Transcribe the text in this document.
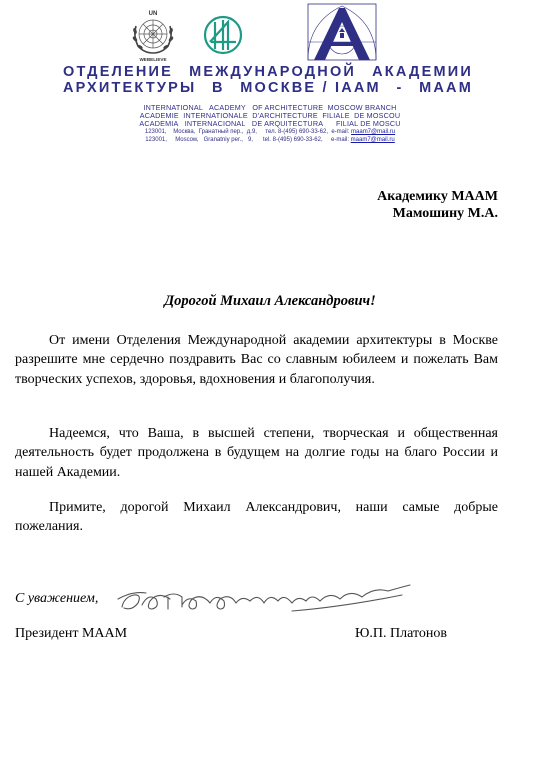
UN
WEBELIEVE
ОТДЕЛЕНИЕ МЕЖДУНАРОДНОЙ АКАДЕМИИ
АРХИТЕКТУРЫ В МОСКВЕ / IAAM - МААМ
INTERNATIONAL   ACADEMY   OF ARCHITECTURE  MOSCOW BRANCH
ACADEMIE  INTERNATIONALE  D'ARCHITECTURE  FILIALE  DE MOSCOU
ACADEMIA   INTERNACIONAL   DE ARQUITECTURA      FILIAL DE MOSCU
123001,    Москва,  Гранатный пер.,  д.9,     тел. 8-(495) 690-33-62,  e-mail: maam7@mail.ru
123001,     Moscow,   Granatniy per.,   9,      tel. 8-(495) 690-33-62,     e-mail: maam7@mail.ru
Академику МААМ
Мамошину М.А.
Дорогой Михаил Александрович!

От имени Отделения Международной академии архитектуры в Москве разрешите мне сердечно поздравить Вас со славным юбилеем и пожелать Вам творческих успехов, здоровья, вдохновения и благополучия.

Надеемся, что Ваша, в высшей степени, творческая и общественная деятельность будет продолжена в будущем на долгие годы на благо России и нашей Академии.

Примите, дорогой Михаил Александрович, наши самые добрые пожелания.

С уважением,
Президент МААМ	Ю.П. Платонов
